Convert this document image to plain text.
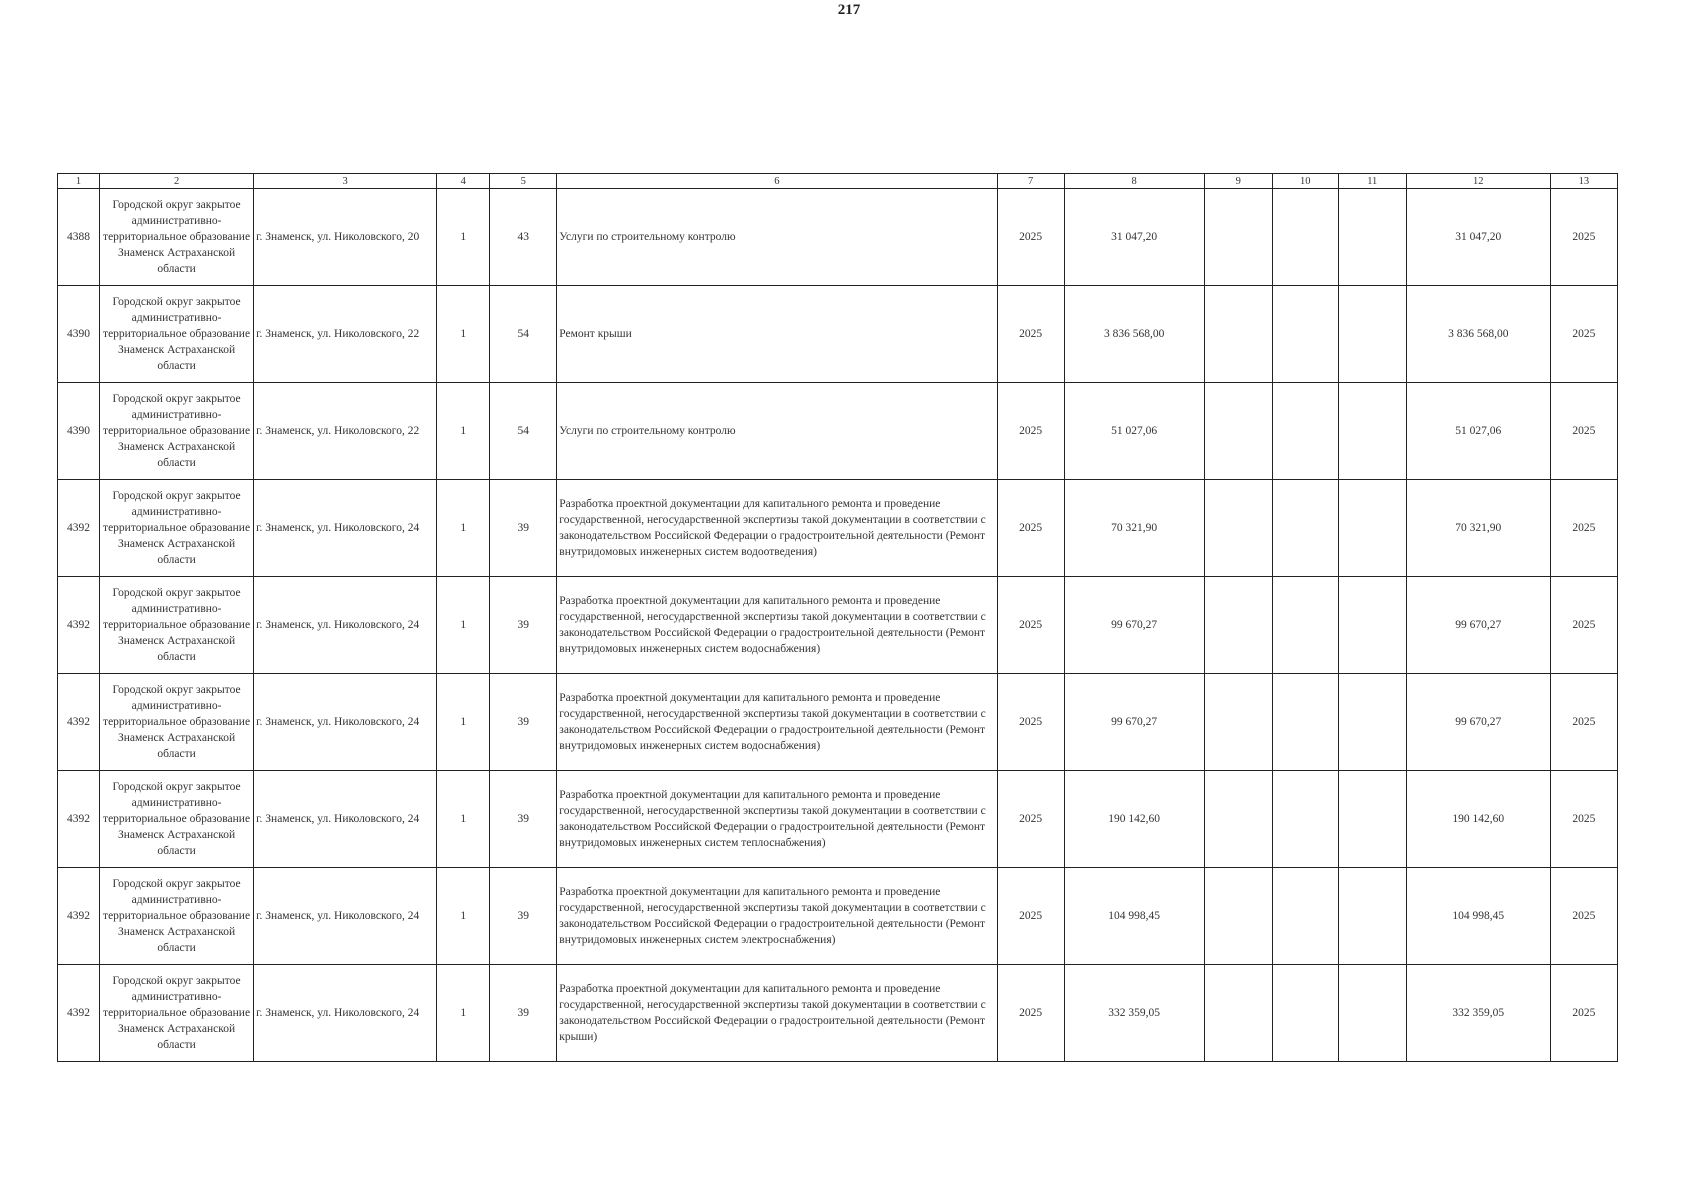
217
1	2	3	4	5	6	7	8	9	10	11	12	13
4388	Городской округ закрытое административно-территориальное образование Знаменск Астраханской области	г. Знаменск, ул. Николовского, 20	1	43	Услуги по строительному контролю	2025	31 047,20				31 047,20	2025
4390	Городской округ закрытое административно-территориальное образование Знаменск Астраханской области	г. Знаменск, ул. Николовского, 22	1	54	Ремонт крыши	2025	3 836 568,00				3 836 568,00	2025
4390	Городской округ закрытое административно-территориальное образование Знаменск Астраханской области	г. Знаменск, ул. Николовского, 22	1	54	Услуги по строительному контролю	2025	51 027,06				51 027,06	2025
4392	Городской округ закрытое административно-территориальное образование Знаменск Астраханской области	г. Знаменск, ул. Николовского, 24	1	39	Разработка проектной документации для капитального ремонта и проведение государственной, негосударственной экспертизы такой документации в соответствии с законодательством Российской Федерации о градостроительной деятельности (Ремонт внутридомовых инженерных систем водоотведения)	2025	70 321,90				70 321,90	2025
4392	Городской округ закрытое административно-территориальное образование Знаменск Астраханской области	г. Знаменск, ул. Николовского, 24	1	39	Разработка проектной документации для капитального ремонта и проведение государственной, негосударственной экспертизы такой документации в соответствии с законодательством Российской Федерации о градостроительной деятельности (Ремонт внутридомовых инженерных систем водоснабжения)	2025	99 670,27				99 670,27	2025
4392	Городской округ закрытое административно-территориальное образование Знаменск Астраханской области	г. Знаменск, ул. Николовского, 24	1	39	Разработка проектной документации для капитального ремонта и проведение государственной, негосударственной экспертизы такой документации в соответствии с законодательством Российской Федерации о градостроительной деятельности (Ремонт внутридомовых инженерных систем водоснабжения)	2025	99 670,27				99 670,27	2025
4392	Городской округ закрытое административно-территориальное образование Знаменск Астраханской области	г. Знаменск, ул. Николовского, 24	1	39	Разработка проектной документации для капитального ремонта и проведение государственной, негосударственной экспертизы такой документации в соответствии с законодательством Российской Федерации о градостроительной деятельности (Ремонт внутридомовых инженерных систем теплоснабжения)	2025	190 142,60				190 142,60	2025
4392	Городской округ закрытое административно-территориальное образование Знаменск Астраханской области	г. Знаменск, ул. Николовского, 24	1	39	Разработка проектной документации для капитального ремонта и проведение государственной, негосударственной экспертизы такой документации в соответствии с законодательством Российской Федерации о градостроительной деятельности (Ремонт внутридомовых инженерных систем электроснабжения)	2025	104 998,45				104 998,45	2025
4392	Городской округ закрытое административно-территориальное образование Знаменск Астраханской области	г. Знаменск, ул. Николовского, 24	1	39	Разработка проектной документации для капитального ремонта и проведение государственной, негосударственной экспертизы такой документации в соответствии с законодательством Российской Федерации о градостроительной деятельности (Ремонт крыши)	2025	332 359,05				332 359,05	2025
